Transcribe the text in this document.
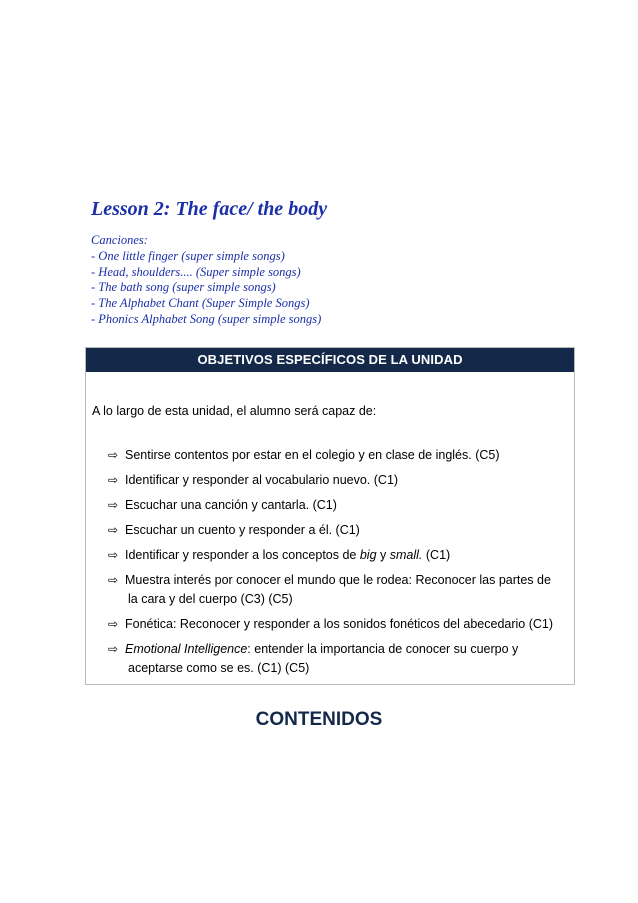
Lesson 2: The face/ the body
Canciones:
- One little finger (super simple songs)
- Head, shoulders.... (Super simple songs)
- The bath song (super simple songs)
- The Alphabet Chant (Super Simple Songs)
- Phonics Alphabet Song (super simple songs)
OBJETIVOS ESPECÍFICOS DE LA UNIDAD

A lo largo de esta unidad, el alumno será capaz de:

⇨ Sentirse contentos por estar en el colegio y en clase de inglés. (C5)
⇨ Identificar y responder al vocabulario nuevo. (C1)
⇨ Escuchar una canción y cantarla. (C1)
⇨ Escuchar un cuento y responder a él. (C1)
⇨ Identificar y responder a los conceptos de big y small. (C1)
⇨ Muestra interés por conocer el mundo que le rodea: Reconocer las partes de
la cara y del cuerpo (C3) (C5)
⇨ Fonética: Reconocer y responder a los sonidos fonéticos del abecedario (C1)
⇨ Emotional Intelligence: entender la importancia de conocer su cuerpo y
aceptarse como se es. (C1) (C5)
CONTENIDOS
